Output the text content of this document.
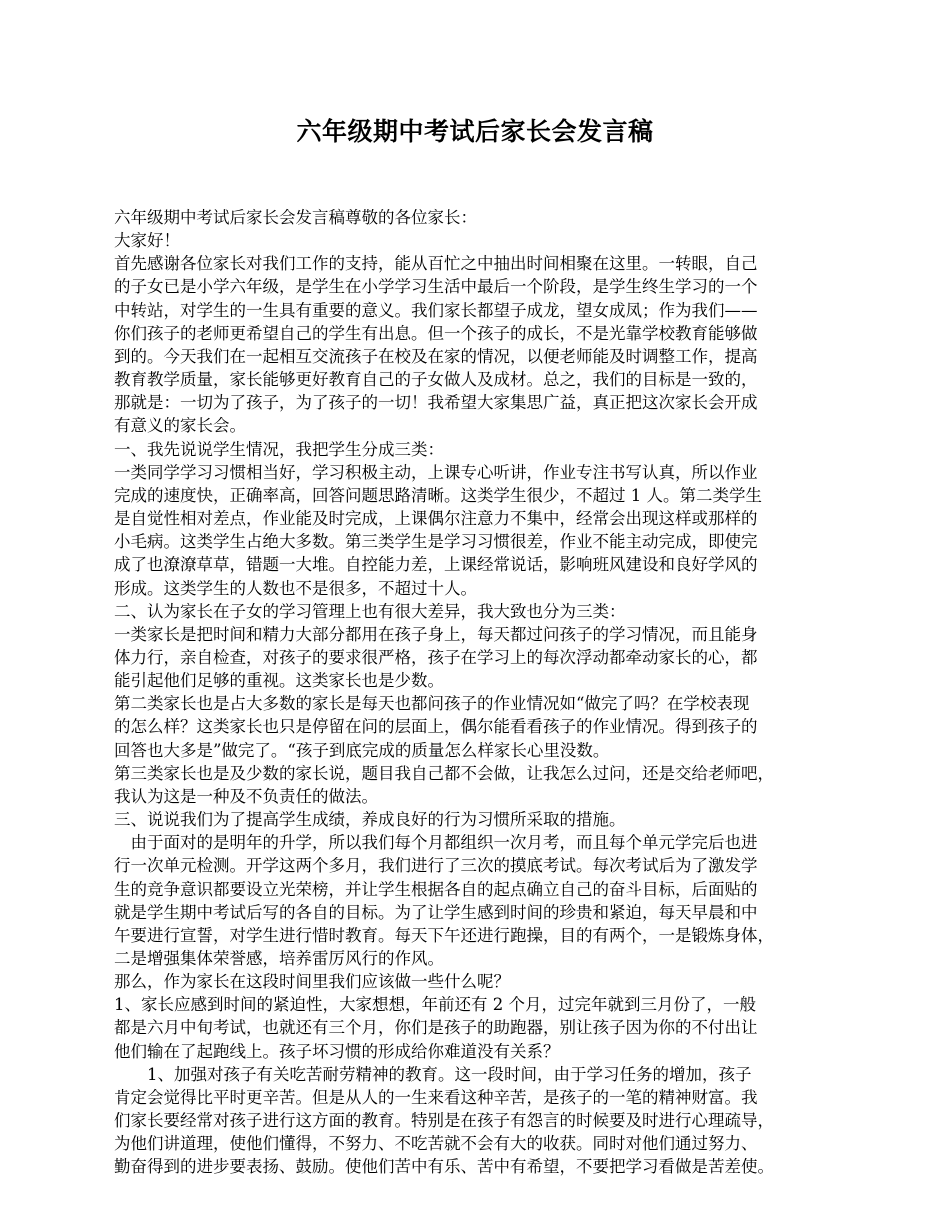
六年级期中考试后家长会发言稿
六年级期中考试后家长会发言稿尊敬的各位家长：
大家好！
首先感谢各位家长对我们工作的支持，能从百忙之中抽出时间相聚在这里。一转眼，自己
的子女已是小学六年级，是学生在小学学习生活中最后一个阶段，是学生终生学习的一个
中转站，对学生的一生具有重要的意义。我们家长都望子成龙，望女成凤；作为我们——
你们孩子的老师更希望自己的学生有出息。但一个孩子的成长，不是光靠学校教育能够做
到的。今天我们在一起相互交流孩子在校及在家的情况，以便老师能及时调整工作，提高
教育教学质量，家长能够更好教育自己的子女做人及成材。总之，我们的目标是一致的，
那就是：一切为了孩子，为了孩子的一切！我希望大家集思广益，真正把这次家长会开成
有意义的家长会。
一、我先说说学生情况，我把学生分成三类：
一类同学学习习惯相当好，学习积极主动，上课专心听讲，作业专注书写认真，所以作业
完成的速度快，正确率高，回答问题思路清晰。这类学生很少，不超过 1 人。第二类学生
是自觉性相对差点，作业能及时完成，上课偶尔注意力不集中，经常会出现这样或那样的
小毛病。这类学生占绝大多数。第三类学生是学习习惯很差，作业不能主动完成，即使完
成了也潦潦草草，错题一大堆。自控能力差，上课经常说话，影响班风建设和良好学风的
形成。这类学生的人数也不是很多，不超过十人。
二、认为家长在子女的学习管理上也有很大差异，我大致也分为三类：
一类家长是把时间和精力大部分都用在孩子身上，每天都过问孩子的学习情况，而且能身
体力行，亲自检查，对孩子的要求很严格，孩子在学习上的每次浮动都牵动家长的心，都
能引起他们足够的重视。这类家长也是少数。
第二类家长也是占大多数的家长是每天也都问孩子的作业情况如“做完了吗？在学校表现
的怎么样？这类家长也只是停留在问的层面上，偶尔能看看孩子的作业情况。得到孩子的
回答也大多是”做完了。“孩子到底完成的质量怎么样家长心里没数。
第三类家长也是及少数的家长说，题目我自己都不会做，让我怎么过问，还是交给老师吧，
我认为这是一种及不负责任的做法。
三、说说我们为了提高学生成绩，养成良好的行为习惯所采取的措施。
　由于面对的是明年的升学，所以我们每个月都组织一次月考，而且每个单元学完后也进
行一次单元检测。开学这两个多月，我们进行了三次的摸底考试。每次考试后为了激发学
生的竞争意识都要设立光荣榜，并让学生根据各自的起点确立自己的奋斗目标，后面贴的
就是学生期中考试后写的各自的目标。为了让学生感到时间的珍贵和紧迫，每天早晨和中
午要进行宣誓，对学生进行惜时教育。每天下午还进行跑操，目的有两个，一是锻炼身体，
二是增强集体荣誉感，培养雷厉风行的作风。
那么，作为家长在这段时间里我们应该做一些什么呢？
1、家长应感到时间的紧迫性，大家想想，年前还有 2 个月，过完年就到三月份了，一般
都是六月中旬考试，也就还有三个月，你们是孩子的助跑器，别让孩子因为你的不付出让
他们输在了起跑线上。孩子坏习惯的形成给你难道没有关系？
　　1、加强对孩子有关吃苦耐劳精神的教育。这一段时间，由于学习任务的增加，孩子
肯定会觉得比平时更辛苦。但是从人的一生来看这种辛苦，是孩子的一笔的精神财富。我
们家长要经常对孩子进行这方面的教育。特别是在孩子有怨言的时候要及时进行心理疏导，
为他们讲道理，使他们懂得，不努力、不吃苦就不会有大的收获。同时对他们通过努力、
勤奋得到的进步要表扬、鼓励。使他们苦中有乐、苦中有希望，不要把学习看做是苦差使。
